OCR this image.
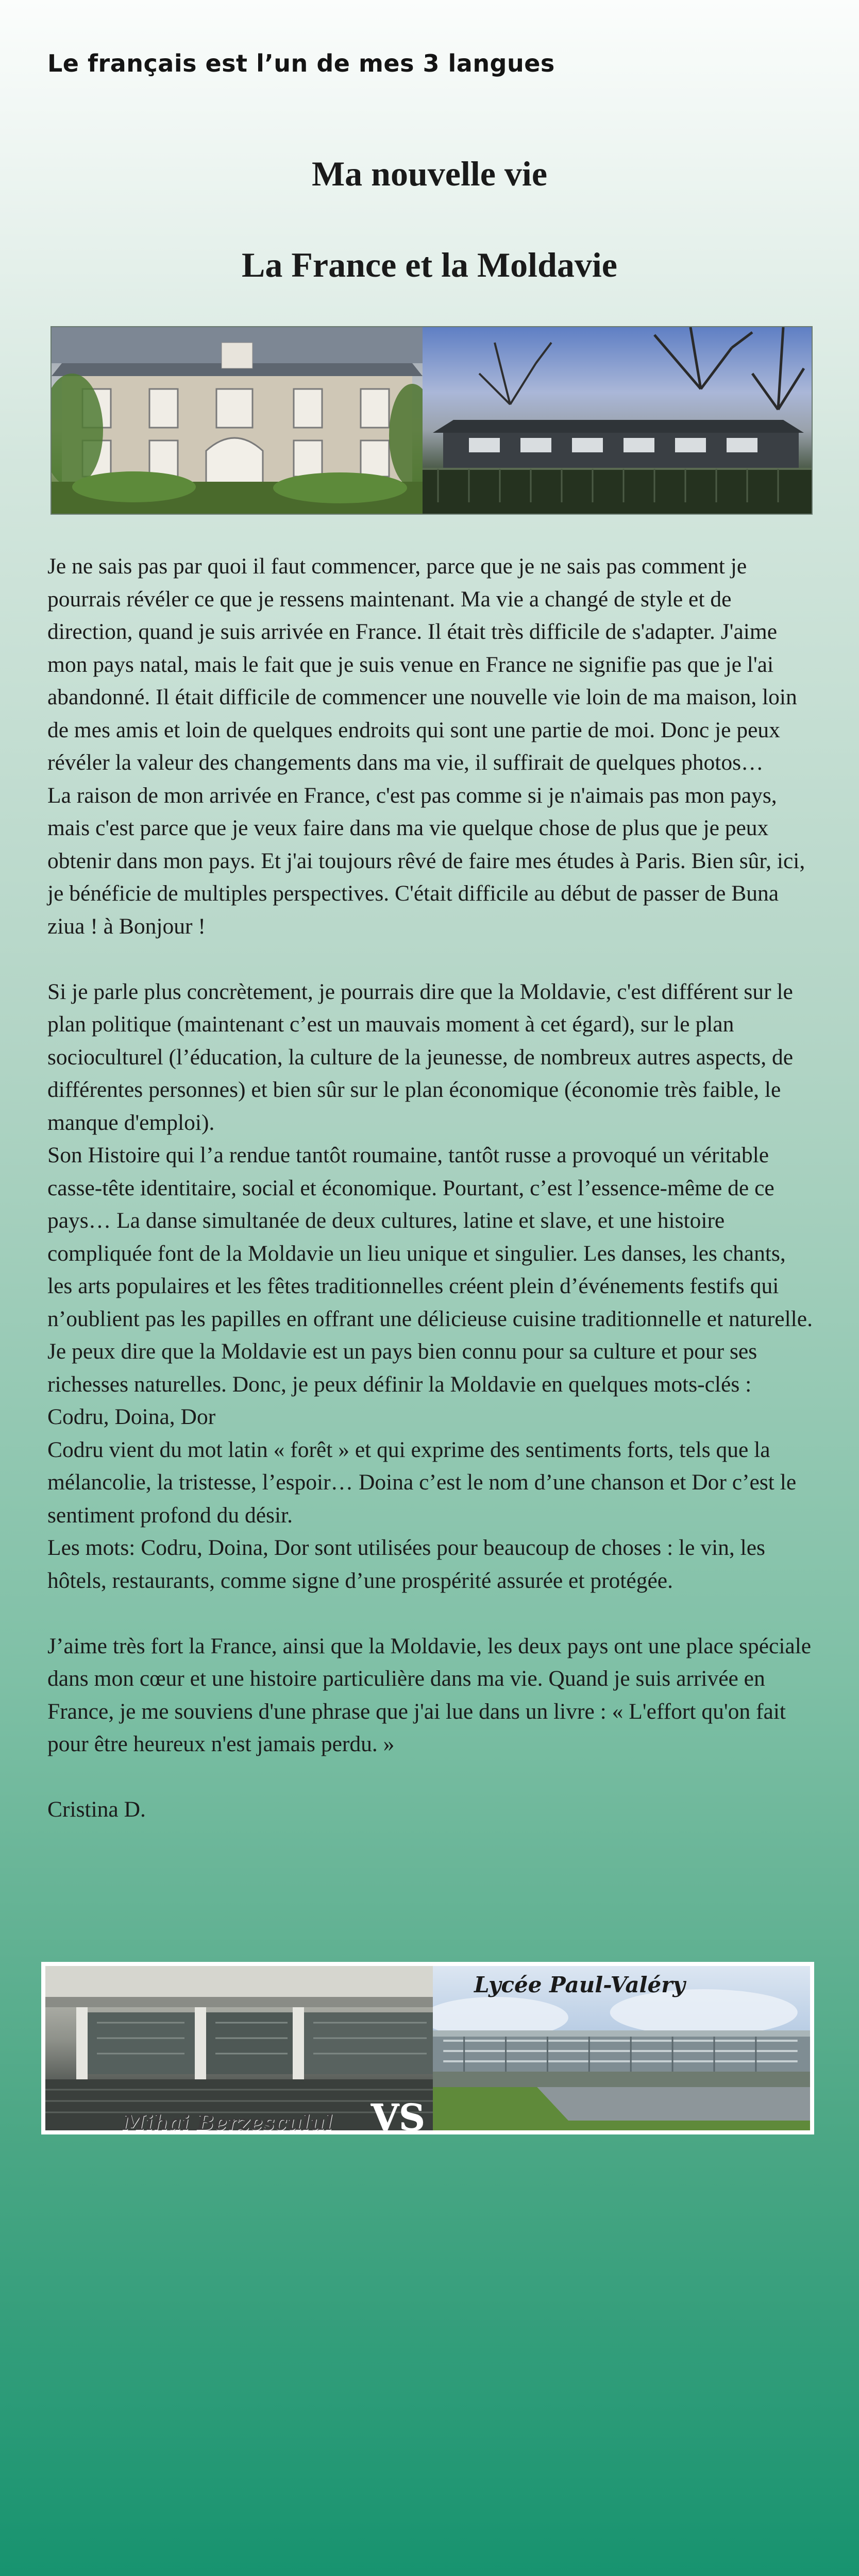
Le français est l’un de mes 3 langues
Ma nouvelle vie
La France et la Moldavie

Je ne sais pas par quoi il faut commencer, parce que je ne sais pas comment je pourrais révéler ce que je ressens maintenant. Ma vie a changé de style et de direction, quand je suis arrivée en France. Il était très difficile de s'adapter. J'aime mon pays natal, mais le fait que je suis venue en France ne signifie pas que je l'ai abandonné. Il était difficile de commencer une nouvelle vie loin de ma maison, loin de mes amis et loin de quelques endroits qui sont une partie de moi. Donc je peux révéler la valeur des changements dans ma vie, il suffirait de quelques photos…

La raison de mon arrivée en France, c'est pas comme si je n'aimais pas mon pays, mais c'est parce que je veux faire dans ma vie quelque chose de plus que je peux obtenir dans mon pays. Et j'ai toujours rêvé de faire mes études à Paris. Bien sûr, ici, je bénéficie de multiples perspectives. C'était difficile au début de passer de Buna ziua ! à Bonjour !

Si je parle plus concrètement, je pourrais dire que la Moldavie, c'est différent sur le plan politique (maintenant c’est un mauvais moment à cet égard), sur le plan socioculturel (l’éducation, la culture de la jeunesse, de nombreux autres aspects, de différentes personnes) et bien sûr sur le plan économique (économie très faible, le manque d'emploi).

Son Histoire qui l’a rendue tantôt roumaine, tantôt russe a provoqué un véritable casse-tête identitaire, social et économique. Pourtant, c’est l’essence-même de ce pays… La danse simultanée de deux cultures, latine et slave, et une histoire compliquée font de la Moldavie un lieu unique et singulier. Les danses, les chants, les arts populaires et les fêtes traditionnelles créent plein d’événements festifs qui n’oublient pas les papilles en offrant une délicieuse cuisine traditionnelle et naturelle.

Je peux dire que la Moldavie est un pays bien connu pour sa culture et pour ses richesses naturelles. Donc, je peux définir la Moldavie en quelques mots-clés : Codru, Doina, Dor

Codru vient du mot latin « forêt » et qui exprime des sentiments forts, tels que la mélancolie, la tristesse, l’espoir… Doina c’est le nom d’une chanson et Dor c’est le sentiment profond du désir.

Les mots: Codru, Doina, Dor sont utilisées pour beaucoup de choses : le vin, les hôtels, restaurants, comme signe d’une prospérité assurée et protégée.

J’aime très fort la France, ainsi que la Moldavie, les deux pays ont une place spéciale dans mon cœur et une histoire particulière dans ma vie. Quand je suis arrivée en France, je me souviens d'une phrase que j'ai lue dans un livre : « L'effort qu'on fait pour être heureux n'est jamais perdu. »

Cristina D.

Mihai Berzesculul VS
Lycée Paul-Valéry
